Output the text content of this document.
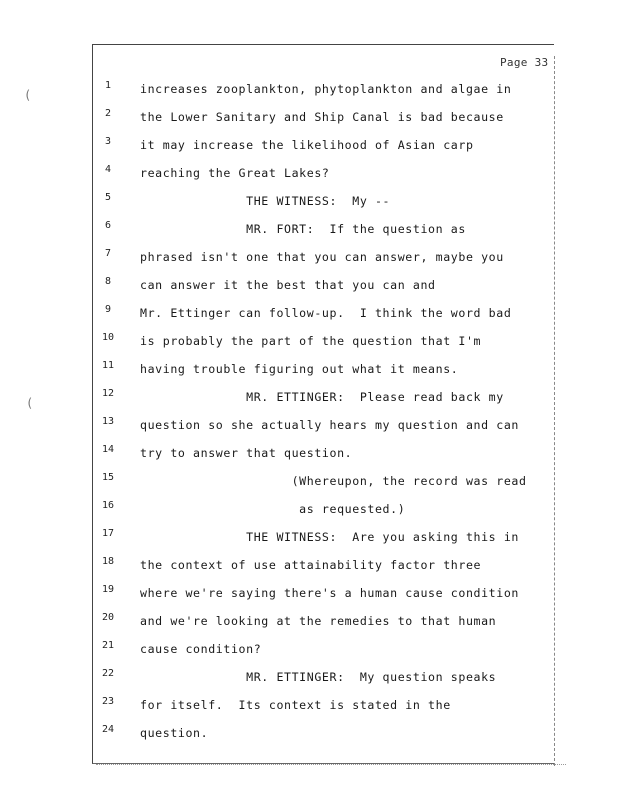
(
(
Page 33
1	increases zooplankton, phytoplankton and algae in
2	the Lower Sanitary and Ship Canal is bad because
3	it may increase the likelihood of Asian carp
4	reaching the Great Lakes?
5	THE WITNESS:  My --
6	MR. FORT:  If the question as
7	phrased isn't one that you can answer, maybe you
8	can answer it the best that you can and
9	Mr. Ettinger can follow-up.  I think the word bad
10	is probably the part of the question that I'm
11	having trouble figuring out what it means.
12	MR. ETTINGER:  Please read back my
13	question so she actually hears my question and can
14	try to answer that question.
15	(Whereupon, the record was read
16	as requested.)
17	THE WITNESS:  Are you asking this in
18	the context of use attainability factor three
19	where we're saying there's a human cause condition
20	and we're looking at the remedies to that human
21	cause condition?
22	MR. ETTINGER:  My question speaks
23	for itself.  Its context is stated in the
24	question.
